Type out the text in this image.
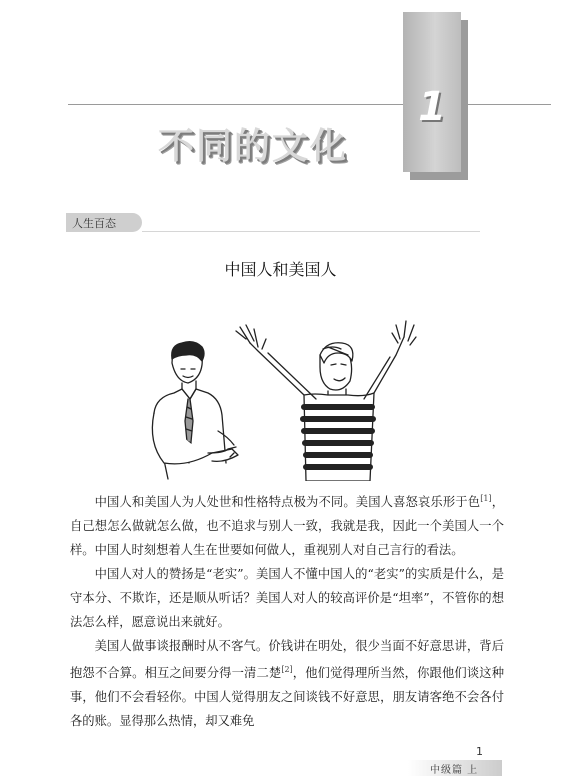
1
不同的文化
人生百态
中国人和美国人

中国人和美国人为人处世和性格特点极为不同。美国人喜怒哀乐形于色[1]，自己想怎么做就怎么做，也不追求与别人一致，我就是我，因此一个美国人一个样。中国人时刻想着人生在世要如何做人，重视别人对自己言行的看法。

中国人对人的赞扬是“老实”。美国人不懂中国人的“老实”的实质是什么，是守本分、不欺诈，还是顺从听话？美国人对人的较高评价是“坦率”，不管你的想法怎么样，愿意说出来就好。

美国人做事谈报酬时从不客气。价钱讲在明处，很少当面不好意思讲，背后抱怨不合算。相互之间要分得一清二楚[2]，他们觉得理所当然，你跟他们谈这种事，他们不会看轻你。中国人觉得朋友之间谈钱不好意思，朋友请客绝不会各付各的账。显得那么热情，却又难免

1
中级篇 上
